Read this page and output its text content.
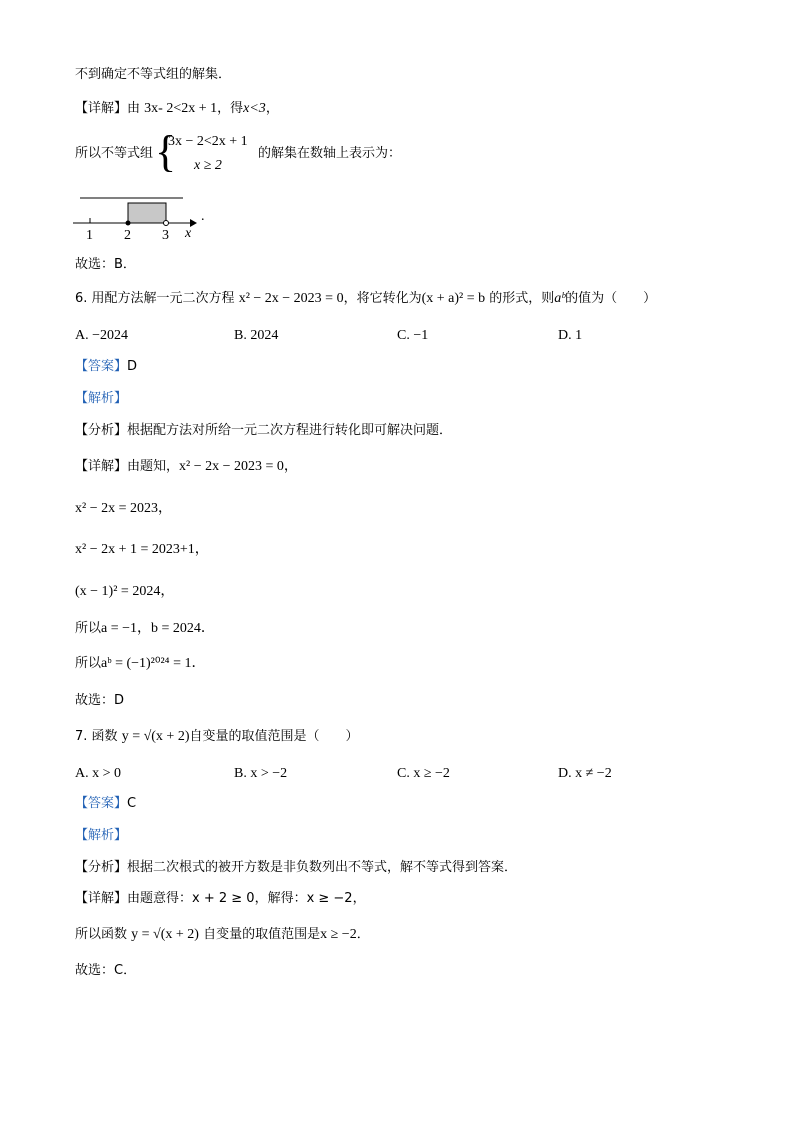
不到确定不等式组的解集．
【详解】由 3x- 2<2x + 1，得x<3，
所以不等式组 {
3x − 2<2x + 1
x ≥ 2
的解集在数轴上表示为：
1 2 3 x
.
故选：B．
6. 用配方法解一元二次方程 x² − 2x − 2023 = 0，将它转化为(x + a)² = b 的形式，则aᵇ的值为（　　）
A. −2024	B. 2024	C. −1	D. 1
【答案】D
【解析】
【分析】根据配方法对所给一元二次方程进行转化即可解决问题．
【详解】由题知，x² − 2x − 2023 = 0，
x² − 2x = 2023，
x² − 2x + 1 = 2023+1，
(x − 1)² = 2024，
所以a = −1，b = 2024．
所以aᵇ = (−1)²⁰²⁴ = 1．
故选：D
7. 函数 y = √(x + 2)自变量的取值范围是（　　）
A. x > 0	B. x > −2	C. x ≥ −2	D. x ≠ −2
【答案】C
【解析】
【分析】根据二次根式的被开方数是非负数列出不等式，解不等式得到答案．
【详解】由题意得：x + 2 ≥ 0，解得：x ≥ −2，
所以函数 y = √(x + 2) 自变量的取值范围是x ≥ −2．
故选：C．
